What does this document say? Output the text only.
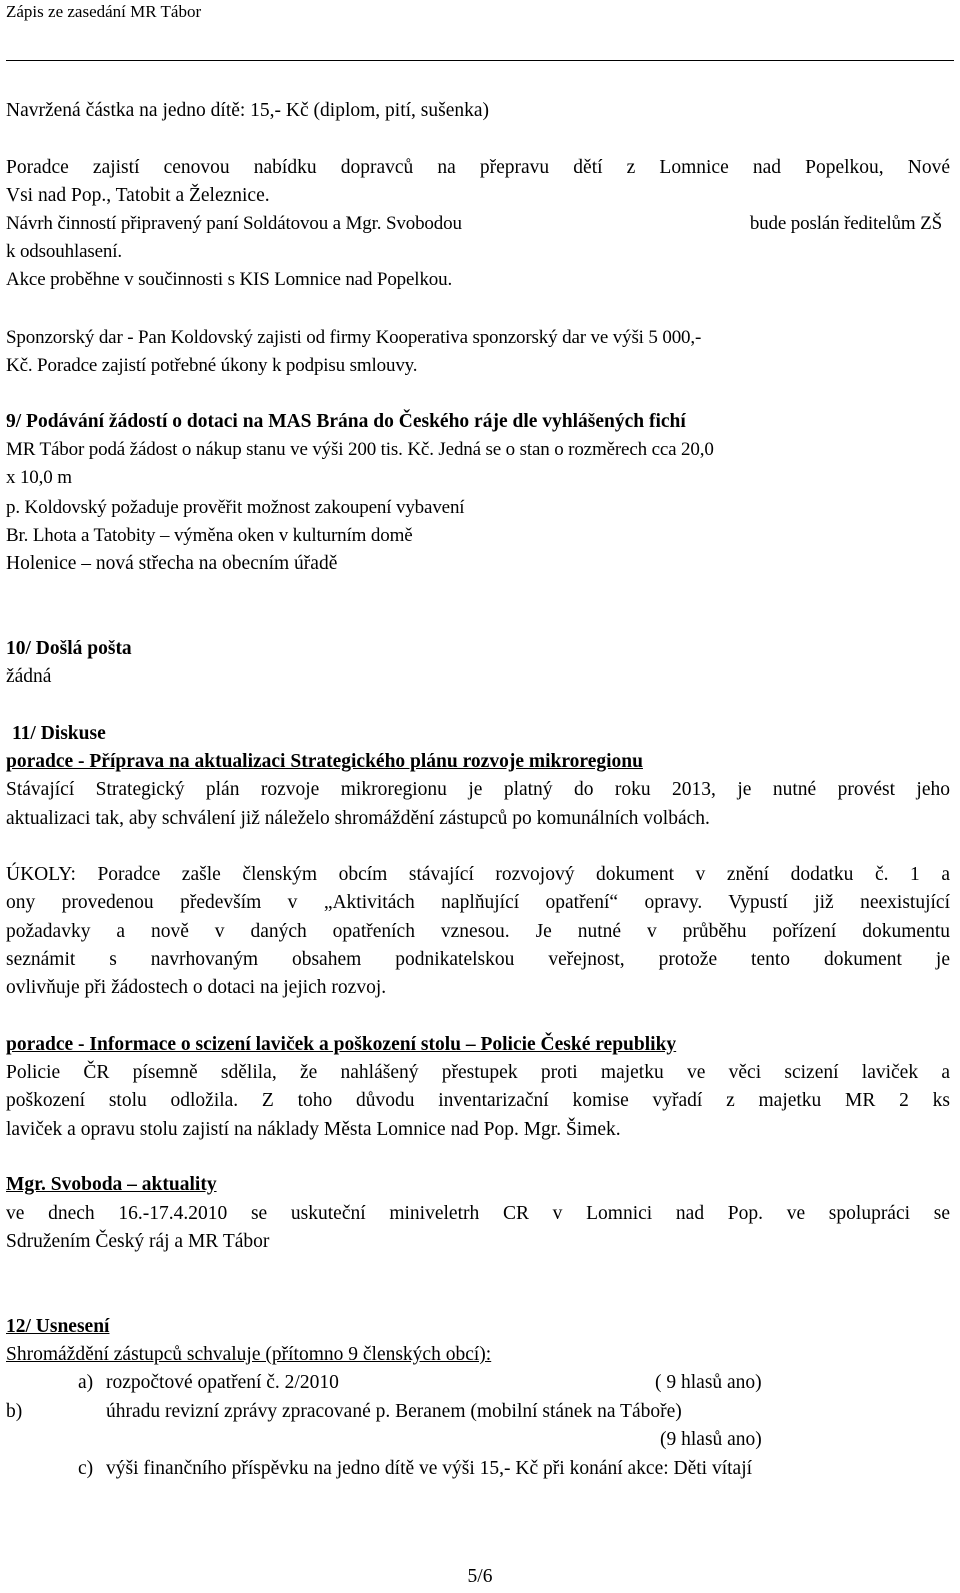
Zápis ze zasedání MR Tábor
Navržená částka na jedno dítě: 15,- Kč (diplom, pití, sušenka)
Poradce zajistí cenovou nabídku dopravců na přepravu dětí z Lomnice nad Popelkou, Nové
Vsi nad Pop., Tatobit a Železnice.
Návrh činností připravený paní Soldátovou a Mgr. Svobodou	bude poslán ředitelům ZŠ
k odsouhlasení.
Akce proběhne v součinnosti s KIS Lomnice nad Popelkou.
Sponzorský dar - Pan Koldovský zajisti od firmy Kooperativa sponzorský dar ve výši 5 000,-
Kč. Poradce zajistí potřebné úkony k podpisu smlouvy.
9/ Podávání žádostí o dotaci na MAS Brána do Českého ráje dle vyhlášených fichí
MR Tábor podá žádost o nákup stanu ve výši 200 tis. Kč. Jedná se o stan o rozměrech cca 20,0
x 10,0 m
p. Koldovský požaduje prověřit možnost zakoupení vybavení
Br. Lhota a Tatobity – výměna oken v kulturním domě
Holenice – nová střecha na obecním úřadě
10/ Došlá pošta
žádná
11/ Diskuse
poradce - Příprava na aktualizaci Strategického plánu rozvoje mikroregionu
Stávající Strategický plán rozvoje mikroregionu je platný do roku 2013, je nutné provést jeho
aktualizaci tak, aby schválení již náleželo shromáždění zástupců po komunálních volbách.
ÚKOLY: Poradce zašle členským obcím stávající rozvojový dokument v znění dodatku č. 1 a
ony provedenou především v „Aktivitách naplňující opatření“ opravy. Vypustí již neexistující
požadavky a nově v daných opatřeních vznesou. Je nutné v průběhu pořízení dokumentu
seznámit s navrhovaným obsahem podnikatelskou veřejnost, protože tento dokument je
ovlivňuje při žádostech o dotaci na jejich rozvoj.
poradce - Informace o scizení laviček a poškození stolu – Policie České republiky
Policie ČR písemně sdělila, že nahlášený přestupek proti majetku ve věci scizení laviček a
poškození stolu odložila. Z toho důvodu inventarizační komise vyřadí z majetku MR 2 ks
laviček a opravu stolu zajistí na náklady Města Lomnice nad Pop. Mgr. Šimek.
Mgr. Svoboda – aktuality
ve dnech 16.-17.4.2010 se uskuteční miniveletrh CR v Lomnici nad Pop. ve spolupráci se
Sdružením Český ráj a MR Tábor
12/ Usnesení
Shromáždění zástupců schvaluje (přítomno 9 členských obcí):
a) rozpočtové opatření č. 2/2010	( 9 hlasů ano)
b)	úhradu revizní zprávy zpracované p. Beranem (mobilní stánek na Táboře)
(9 hlasů ano)
c) výši finančního příspěvku na jedno dítě ve výši 15,- Kč při konání akce: Děti vítají
5/6
